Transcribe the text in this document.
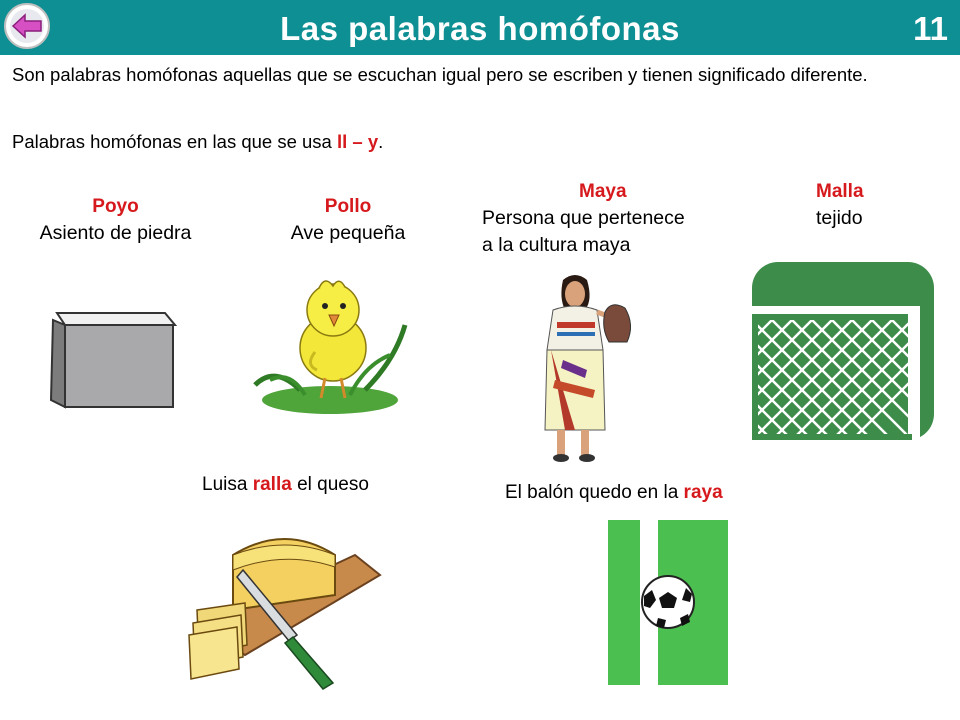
Las palabras homófonas	11

Son palabras homófonas aquellas que se escuchan igual pero se escriben y tienen significado diferente.

Palabras homófonas en las que se usa ll – y.

Poyo
Asiento de piedra
Pollo
Ave pequeña
Maya
Persona que pertenece
a la cultura maya
Malla
tejido
Luisa ralla el queso	El balón quedo en la raya
